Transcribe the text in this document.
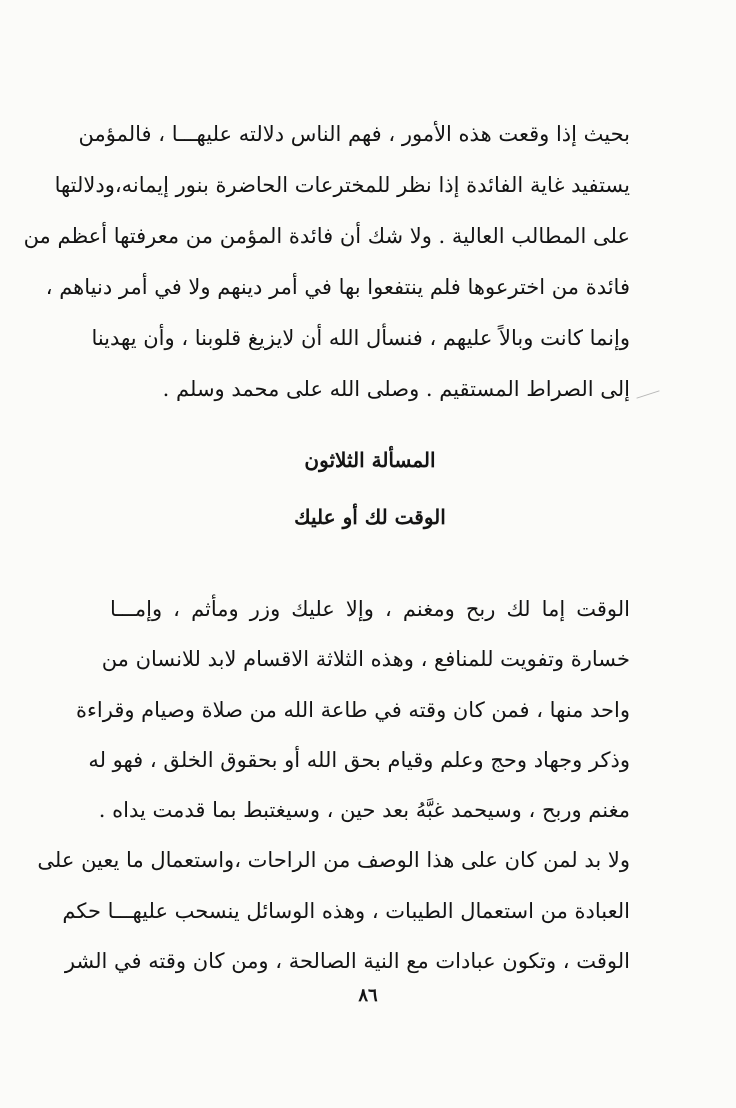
بحيث إذا وقعت هذه الأمور ، فهم الناس دلالته عليهـــا ، فالمؤمن
يستفيد غاية الفائدة إذا نظر للمخترعات الحاضرة بنور إيمانه،ودلالتها
على المطالب العالية . ولا شك أن فائدة المؤمن من معرفتها أعظم من
فائدة من اخترعوها فلم ينتفعوا بها في أمر دينهم ولا في أمر دنياهم ،
وإنما كانت وبالاً عليهم ، فنسأل الله أن لايزيغ قلوبنا ، وأن يهدينا
إلى الصراط المستقيم . وصلى الله على محمد وسلم .
المسألة الثلاثون
الوقت لك أو عليك
الوقت إما لك ربح ومغنم ، وإلا عليك وزر ومأثم ، وإمـــا
خسارة وتفويت للمنافع ، وهذه الثلاثة الاقسام لابد للانسان من
واحد منها ، فمن كان وقته في طاعة الله من صلاة وصيام وقراءة
وذكر وجهاد وحج وعلم وقيام بحق الله أو بحقوق الخلق ، فهو له
مغنم وربح ، وسيحمد غبَّهُ بعد حين ، وسيغتبط بما قدمت يداه .
ولا بد لمن كان على هذا الوصف من الراحات ،واستعمال ما يعين على
العبادة من استعمال الطيبات ، وهذه الوسائل ينسحب عليهـــا حكم
الوقت ، وتكون عبادات مع النية الصالحة ، ومن كان وقته في الشر
٨٦
